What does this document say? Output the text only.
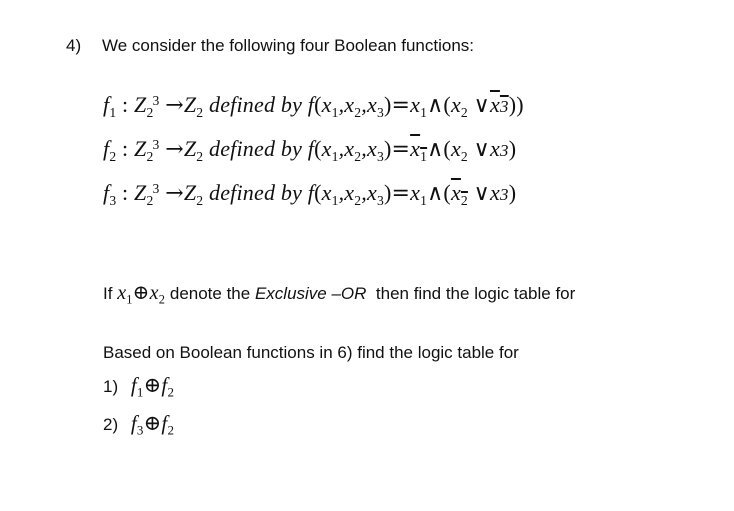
4) We consider the following four Boolean functions:
$f_1$ : $Z_2^3 \to Z_2$ defined by $f(x_1,x_2,x_3)=x_1\wedge(x_2$ ∨x3))
$f_2$ : $Z_2^3 \to Z_2$ defined by $f(x_1,x_2,x_3)=x_1\wedge(x_2$ ∨x3)
$f_3$ : $Z_2^3 \to Z_2$ defined by $f(x_1,x_2,x_3)=x_1\wedge(x_2$ ∨x3)
If $x_1\oplus x_2$ denote the Exclusive –OR then find the logic table for
Based on Boolean functions in 6) find the logic table for
1) $f_1\oplus f_2$
2) $f_3\oplus f_2$
